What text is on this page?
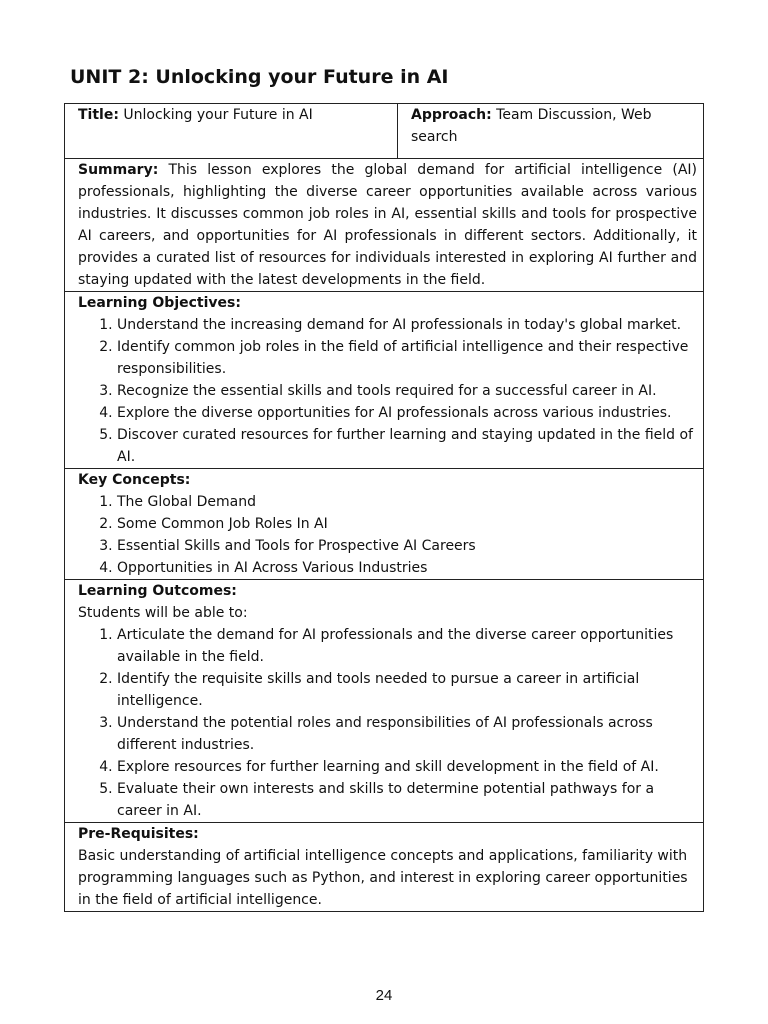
UNIT 2: Unlocking your Future in AI
Title: Unlocking your Future in AI	Approach: Team Discussion, Web search
Summary: This lesson explores the global demand for artificial intelligence (AI) professionals, highlighting the diverse career opportunities available across various industries. It discusses common job roles in AI, essential skills and tools for prospective AI careers, and opportunities for AI professionals in different sectors. Additionally, it provides a curated list of resources for individuals interested in exploring AI further and staying updated with the latest developments in the field.

Learning Objectives:

1. Understand the increasing demand for AI professionals in today's global market.
2. Identify common job roles in the field of artificial intelligence and their respective responsibilities.
3. Recognize the essential skills and tools required for a successful career in AI.
4. Explore the diverse opportunities for AI professionals across various industries.
5. Discover curated resources for further learning and staying updated in the field of AI.

Key Concepts:

1. The Global Demand
2. Some Common Job Roles In AI
3. Essential Skills and Tools for Prospective AI Careers
4. Opportunities in AI Across Various Industries

Learning Outcomes:

Students will be able to:

1. Articulate the demand for AI professionals and the diverse career opportunities available in the field.
2. Identify the requisite skills and tools needed to pursue a career in artificial intelligence.
3. Understand the potential roles and responsibilities of AI professionals across different industries.
4. Explore resources for further learning and skill development in the field of AI.
5. Evaluate their own interests and skills to determine potential pathways for a career in AI.

Pre-Requisites:

Basic understanding of artificial intelligence concepts and applications, familiarity with programming languages such as Python, and interest in exploring career opportunities in the field of artificial intelligence.

24
